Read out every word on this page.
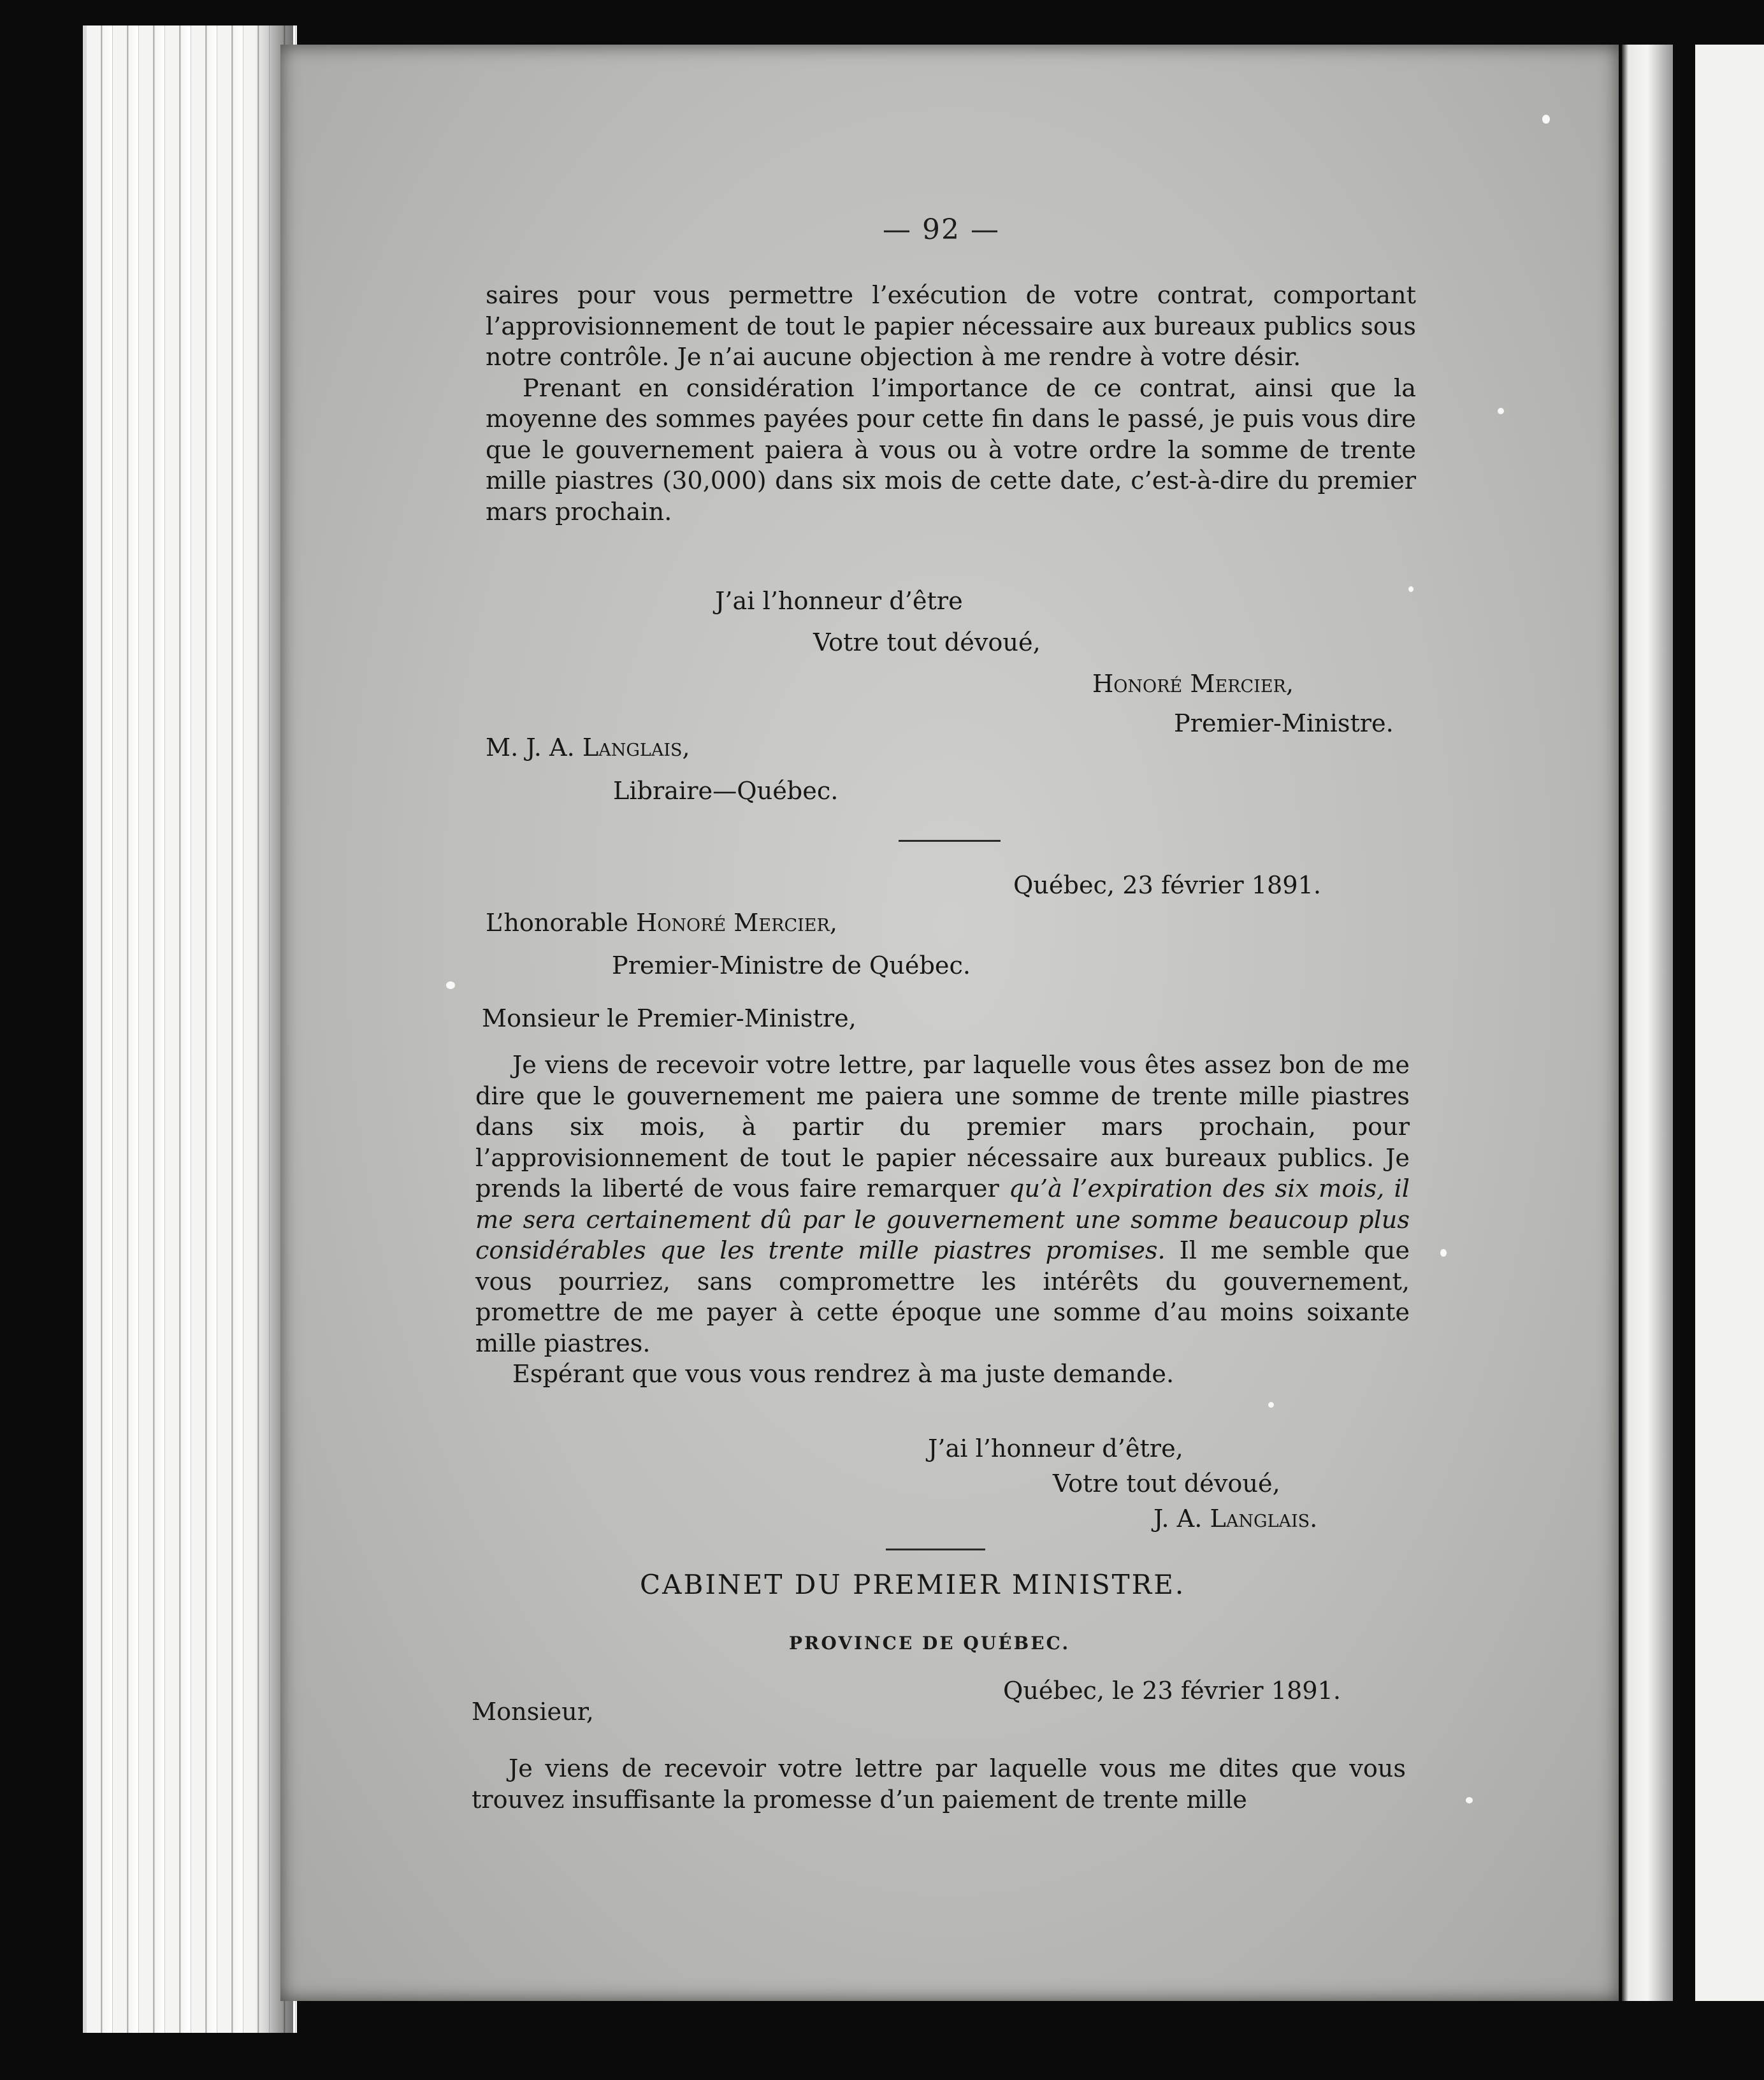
— 92 —

saires pour vous permettre l’exécution de votre contrat, comportant l’approvisionnement de tout le papier nécessaire aux bureaux publics sous notre contrôle. Je n’ai aucune objection à me rendre à votre désir.

Prenant en considération l’importance de ce contrat, ainsi que la moyenne des sommes payées pour cette fin dans le passé, je puis vous dire que le gouvernement paiera à vous ou à votre ordre la somme de trente mille piastres (30,000) dans six mois de cette date, c’est-à-dire du premier mars prochain.

J’ai l’honneur d’être
Votre tout dévoué,
Honoré Mercier,
Premier-Ministre.
M. J. A. Langlais,
Libraire—Québec.
Québec, 23 février 1891.
L’honorable Honoré Mercier,
Premier-Ministre de Québec.
Monsieur le Premier-Ministre,

Je viens de recevoir votre lettre, par laquelle vous êtes assez bon de me dire que le gouvernement me paiera une somme de trente mille piastres dans six mois, à partir du premier mars prochain, pour l’approvisionnement de tout le papier nécessaire aux bureaux publics. Je prends la liberté de vous faire remarquer qu’à l’expiration des six mois, il me sera certainement dû par le gouvernement une somme beaucoup plus considérables que les trente mille piastres promises. Il me semble que vous pourriez, sans compromettre les intérêts du gouvernement, promettre de me payer à cette époque une somme d’au moins soixante mille piastres.

Espérant que vous vous rendrez à ma juste demande.

J’ai l’honneur d’être,
Votre tout dévoué,
J. A. Langlais.
CABINET DU PREMIER MINISTRE.
PROVINCE DE QUÉBEC.
Québec, le 23 février 1891.
Monsieur,

Je viens de recevoir votre lettre par laquelle vous me dites que vous trouvez insuffisante la promesse d’un paiement de trente mille
